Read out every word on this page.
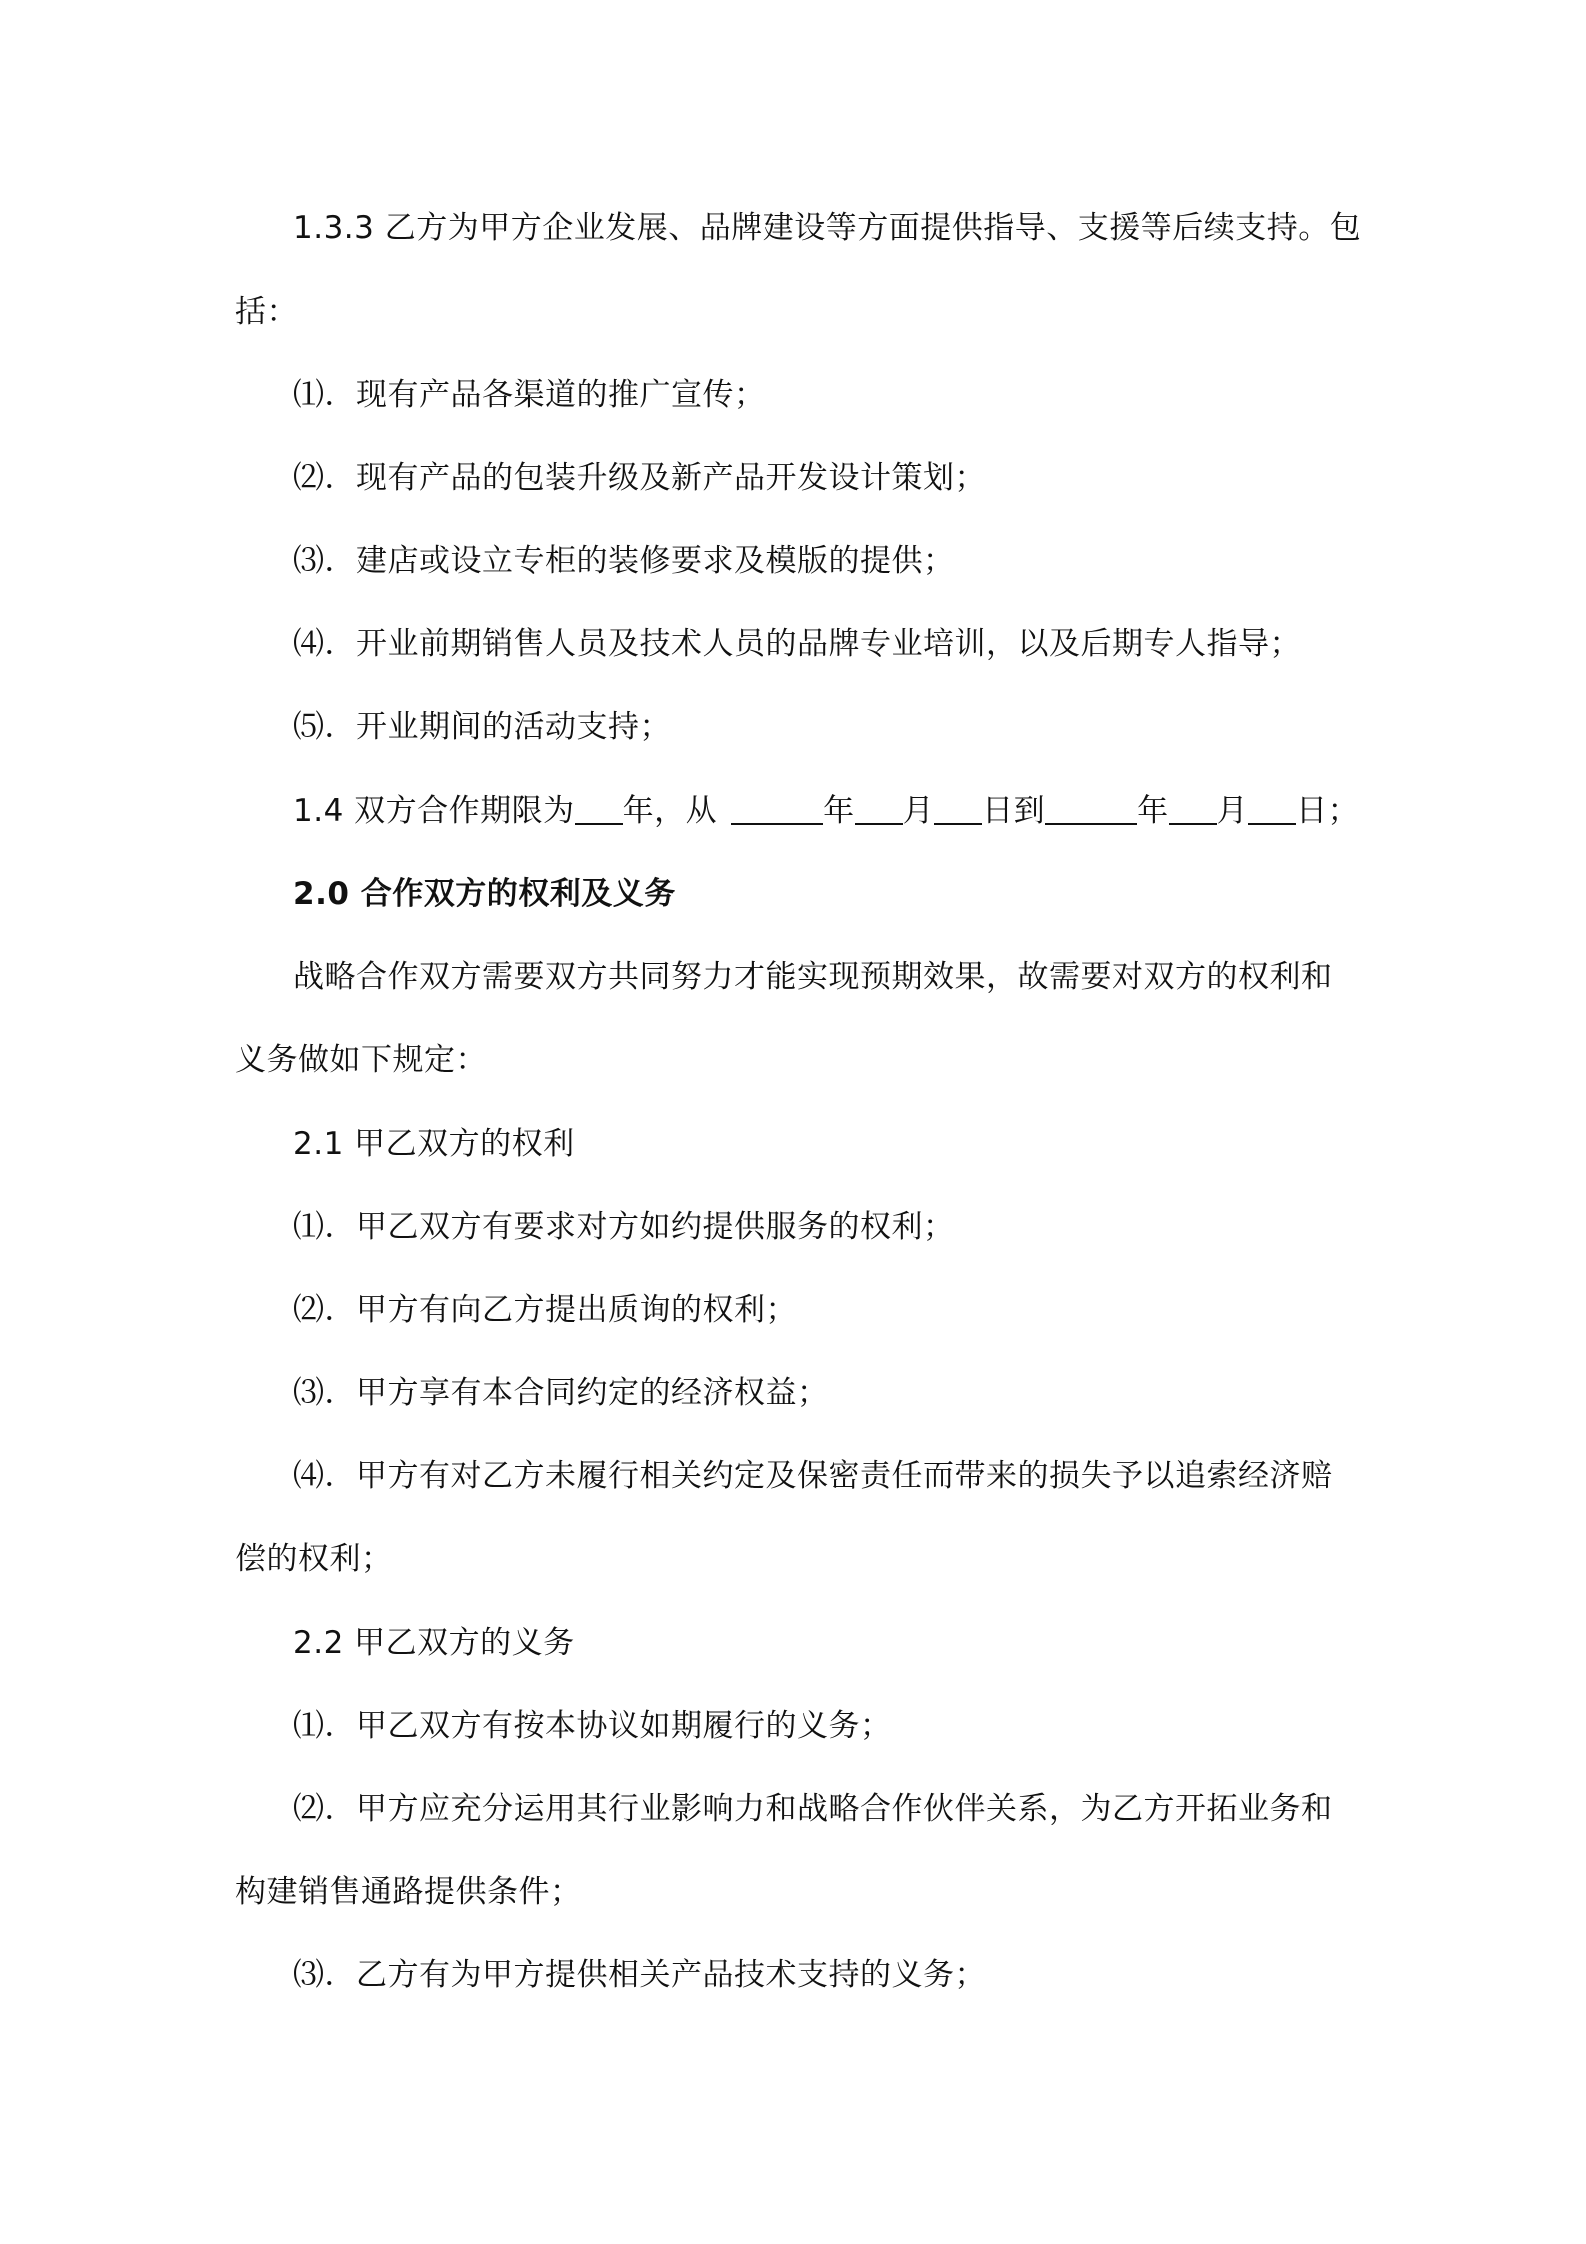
1.3.3 乙方为甲方企业发展、品牌建设等方面提供指导、支援等后续支持。包
括：
⑴．现有产品各渠道的推广宣传；
⑵．现有产品的包装升级及新产品开发设计策划；
⑶．建店或设立专柜的装修要求及模版的提供；
⑷．开业前期销售人员及技术人员的品牌专业培训，以及后期专人指导；
⑸．开业期间的活动支持；
1.4 双方合作期限为 年，从	年 月 日到	年 月 日；
2.0 合作双方的权利及义务
战略合作双方需要双方共同努力才能实现预期效果，故需要对双方的权利和
义务做如下规定：
2.1 甲乙双方的权利
⑴．甲乙双方有要求对方如约提供服务的权利；
⑵．甲方有向乙方提出质询的权利；
⑶．甲方享有本合同约定的经济权益；
⑷．甲方有对乙方未履行相关约定及保密责任而带来的损失予以追索经济赔
偿的权利；
2.2 甲乙双方的义务
⑴．甲乙双方有按本协议如期履行的义务；
⑵．甲方应充分运用其行业影响力和战略合作伙伴关系，为乙方开拓业务和
构建销售通路提供条件；
⑶．乙方有为甲方提供相关产品技术支持的义务；
